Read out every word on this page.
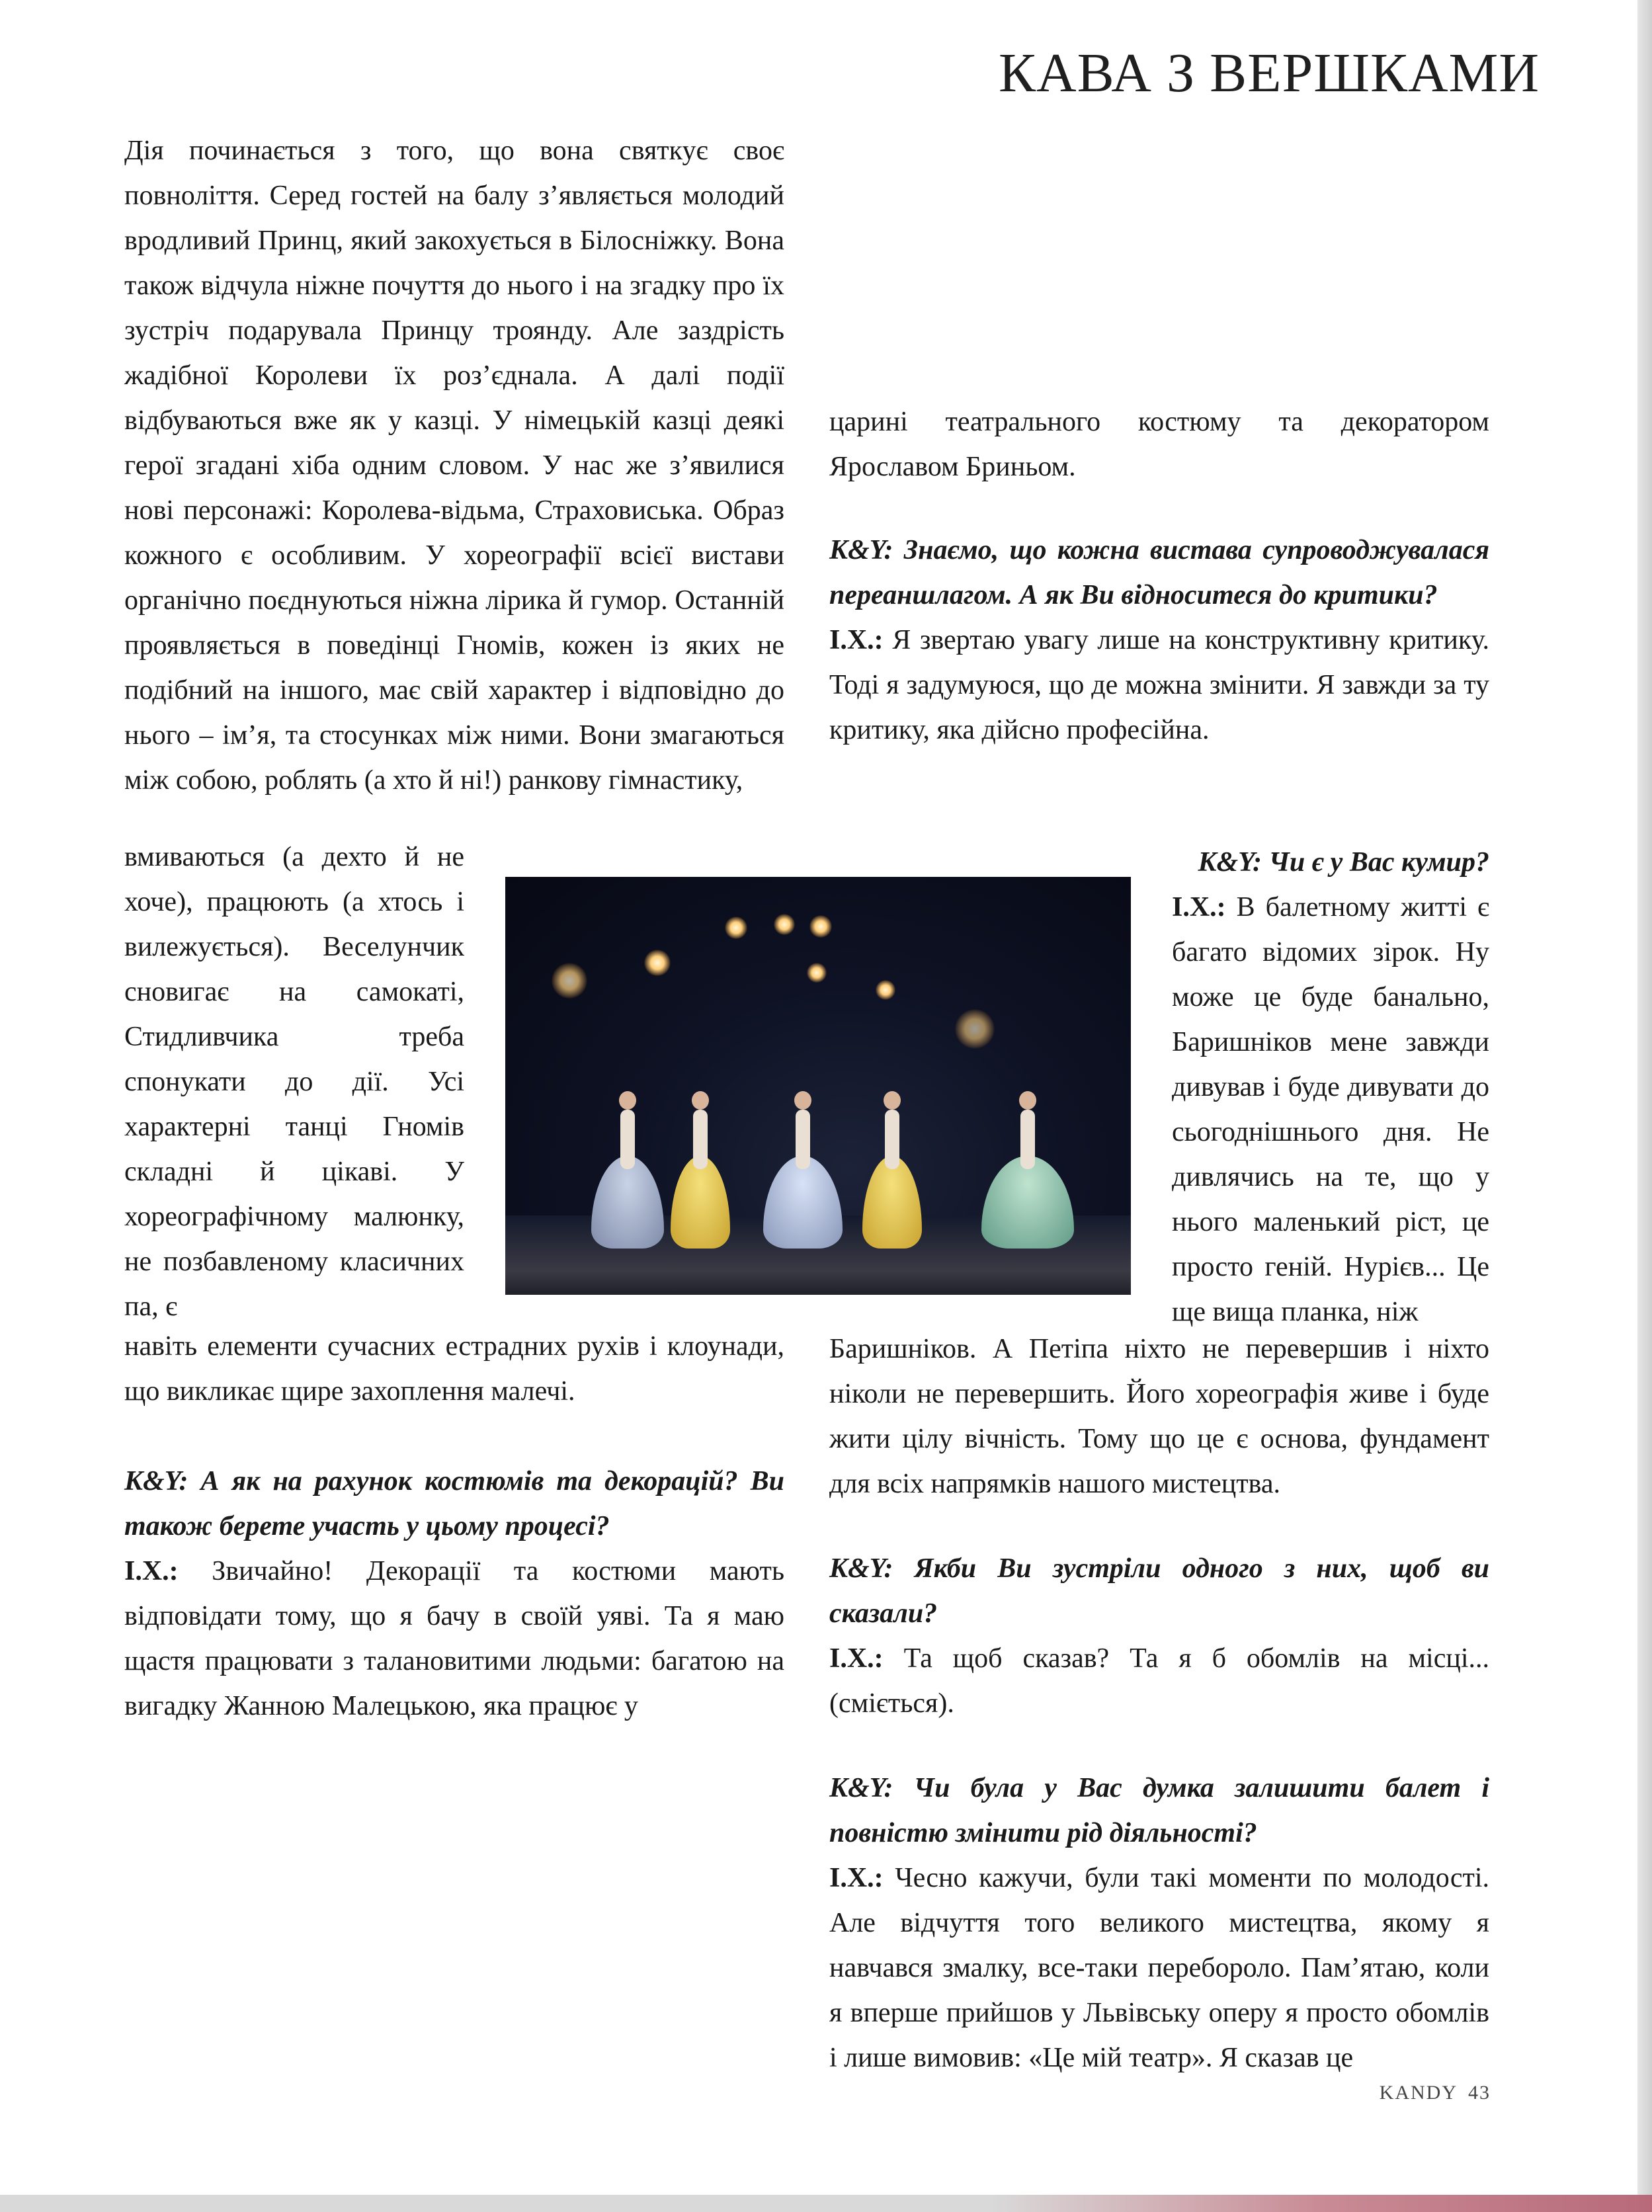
КАВА З ВЕРШКАМИ

Дія починається з того, що вона святкує своє повноліття. Серед гостей на балу з’являється молодий вродливий Принц, який закохується в Білосніжку. Вона також відчула ніжне почуття до нього і на згадку про їх зустріч подарувала Принцу троянду. Але заздрість жадібної Королеви їх роз’єднала. А далі події відбуваються вже як у казці. У німецькій казці деякі герої згадані хіба одним словом. У нас же з’явилися нові персонажі: Королева-відьма, Страховиська. Образ кожного є особливим. У хореографії всієї вистави органічно поєднуються ніжна лірика й гумор. Останній проявляється в поведінці Гномів, кожен із яких не подібний на іншого, має свій характер і відповідно до нього – ім’я, та стосунках між ними. Вони змагаються між собою, роблять (а хто й ні!) ранкову гімнастику,

вмиваються (а дехто й не хоче), працюють (а хтось і вилежується). Веселунчик сновигає на самокаті, Стидливчика треба спонукати до дії. Усі характерні танці Гномів складні й цікаві. У хореографічному малюнку, не позбавленому класичних па, є

навіть елементи сучасних естрадних рухів і клоунади, що викликає щире захоплення малечі.

K&Y: А як на рахунок костюмів та декорацій? Ви також берете участь у цьому процесі?

І.Х.: Звичайно! Декорації та костюми мають відповідати тому, що я бачу в своїй уяві. Та я маю щастя працювати з талановитими людьми: багатою на вигадку Жанною Малецькою, яка працює у

царині театрального костюму та декоратором Ярославом Бриньом.

K&Y: Знаємо, що кожна вистава супроводжувалася переаншлагом. А як Ви відноситеся до критики?

І.Х.: Я звертаю увагу лише на конструктивну критику. Тоді я задумуюся, що де можна змінити. Я завжди за ту критику, яка дійсно професійна.

K&Y: Чи є у Вас кумир?

І.Х.: В балетному житті є багато відомих зірок. Ну може це буде банально, Баришніков мене завжди дивував і буде дивувати до сьогоднішнього дня. Не дивлячись на те, що у нього маленький ріст, це просто геній. Нурієв... Це ще вища планка, ніж

Баришніков. А Петіпа ніхто не перевершив і ніхто ніколи не перевершить. Його хореографія живе і буде жити цілу вічність. Тому що це є основа, фундамент для всіх напрямків нашого мистецтва.

K&Y: Якби Ви зустріли одного з них, щоб ви сказали?

І.Х.: Та щоб сказав? Та я б обомлів на місці... (сміється).

K&Y: Чи була у Вас думка залишити балет і повністю змінити рід діяльності?

І.Х.: Чесно кажучи, були такі моменти по молодості. Але відчуття того великого мистецтва, якому я навчався змалку, все-таки перебороло. Пам’ятаю, коли я вперше прийшов у Львівську оперу я просто обомлів і лише вимовив: «Це мій театр». Я сказав це

KANDY 43
